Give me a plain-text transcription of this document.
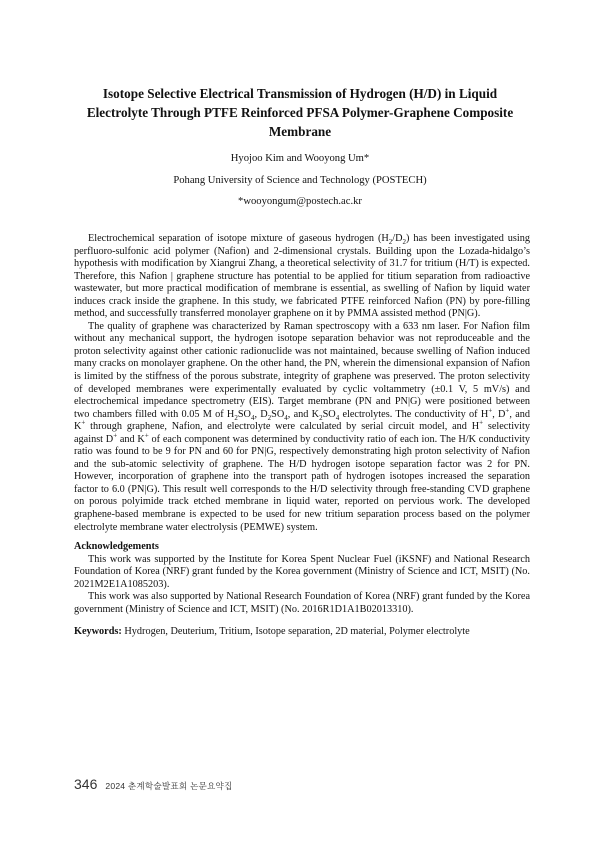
Isotope Selective Electrical Transmission of Hydrogen (H/D) in Liquid Electrolyte Through PTFE Reinforced PFSA Polymer-Graphene Composite Membrane
Hyojoo Kim and Wooyong Um*
Pohang University of Science and Technology (POSTECH)
*wooyongum@postech.ac.kr

Electrochemical separation of isotope mixture of gaseous hydrogen $(H_2/D_2)$ has been investigated using perfluoro-sulfonic acid polymer (Nafion) and 2-dimensional crystals. Building upon the Lozada-hidalgo’s hypothesis with modification by Xiangrui Zhang, a theoretical selectivity of 31.7 for tritium (H/T) is expected. Therefore, this Nafion | graphene structure has potential to be applied for titium separation from radioactive wastewater, but more practical modification of membrane is essential, as swelling of Nafion by liquid water induces crack inside the graphene. In this study, we fabricated PTFE reinforced Nafion (PN) by pore-filling method, and successfully transferred monolayer graphene on it by PMMA assisted method (PN|G).

The quality of graphene was characterized by Raman spectroscopy with a 633 nm laser. For Nafion film without any mechanical support, the hydrogen isotope separation behavior was not reproduceable and the proton selectivity against other cationic radionuclide was not maintained, because swelling of Nafion induced many cracks on monolayer graphene. On the other hand, the PN, wherein the dimensional expansion of Nafion is limited by the stiffness of the porous substrate, integrity of graphene was preserved. The proton selectivity of developed membranes were experimentally evaluated by cyclic voltammetry (±0.1 V, 5 mV/s) and electrochemical impedance spectrometry (EIS). Target membrane (PN and PN|G) were positioned between two chambers filled with 0.05 M of $H_2SO_4$, $D_2SO_4$, and $K_2SO_4$ electrolytes. The conductivity of H+, D+, and K+ through graphene, Nafion, and electrolyte were calculated by serial circuit model, and H+ selectivity against D+ and K+ of each component was determined by conductivity ratio of each ion. The H/K conductivity ratio was found to be 9 for PN and 60 for PN|G, respectively demonstrating high proton selectivity of Nafion and the sub-atomic selectivity of graphene. The H/D hydrogen isotope separation factor was 2 for PN. However, incorporation of graphene into the transport path of hydrogen isotopes increased the separation factor to 6.0 (PN|G). This result well corresponds to the H/D selectivity through free-standing CVD graphene on porous polyimide track etched membrane in liquid water, reported on pervious work. The developed graphene-based membrane is expected to be used for new tritium separation process based on the polymer electrolyte membrane water electrolysis (PEMWE) system.

Acknowledgements

This work was supported by the Institute for Korea Spent Nuclear Fuel (iKSNF) and National Research Foundation of Korea (NRF) grant funded by the Korea government (Ministry of Science and ICT, MSIT) (No. 2021M2E1A1085203).

This work was also supported by National Research Foundation of Korea (NRF) grant funded by the Korea government (Ministry of Science and ICT, MSIT) (No. 2016R1D1A1B02013310).

Keywords: Hydrogen, Deuterium, Tritium, Isotope separation, 2D material, Polymer electrolyte

346 2024 춘계학술발표회 논문요약집
